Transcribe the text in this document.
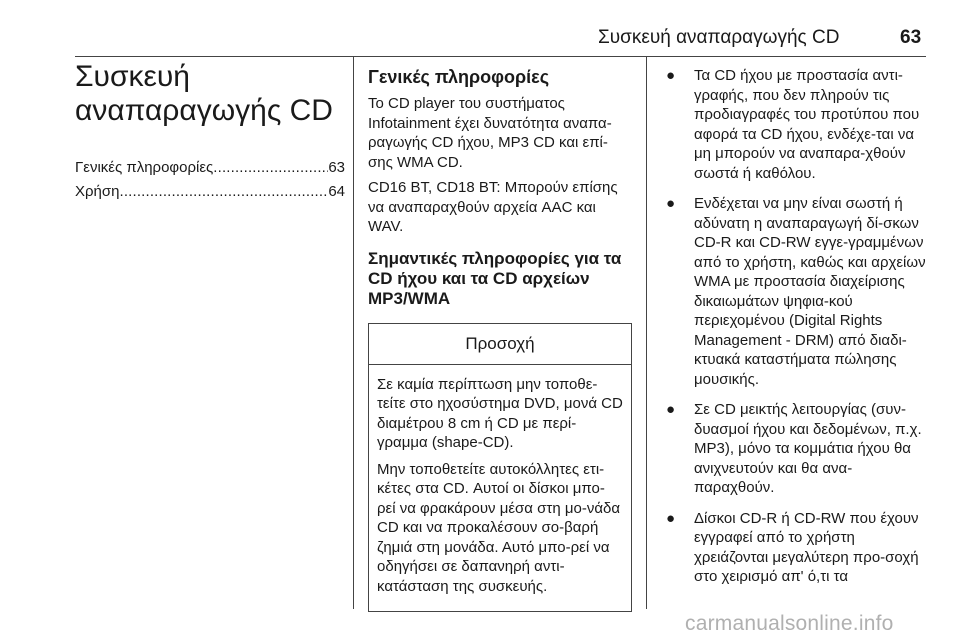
Συσκευή αναπαραγωγής CD	63
Συσκευή
αναπαραγωγής CD
Γενικές πληροφορίες . . .	63
Χρήση . . .	64
Γενικές πληροφορίες

Το CD player του συστήματος Infotainment έχει δυνατότητα αναπα-ραγωγής CD ήχου, MP3 CD και επί-σης WMA CD.

CD16 BT, CD18 BT: Μπορούν επίσης να αναπαραχθούν αρχεία AAC και WAV.

Σημαντικές πληροφορίες για τα CD ήχου και τα CD αρχείων MP3/WMA
Προσοχή

Σε καμία περίπτωση μην τοποθε-τείτε στο ηχοσύστημα DVD, μονά CD διαμέτρου 8 cm ή CD με περί-γραμμα (shape-CD).

Μην τοποθετείτε αυτοκόλλητες ετι-κέτες στα CD. Αυτοί οι δίσκοι μπο-ρεί να φρακάρουν μέσα στη μο-νάδα CD και να προκαλέσουν σο-βαρή ζημιά στη μονάδα. Αυτό μπο-ρεί να οδηγήσει σε δαπανηρή αντι-κατάσταση της συσκευής.

● Τα CD ήχου με προστασία αντι-γραφής, που δεν πληρούν τις προδιαγραφές του προτύπου που αφορά τα CD ήχου, ενδέχε-ται να μη μπορούν να αναπαρα-χθούν σωστά ή καθόλου.
● Ενδέχεται να μην είναι σωστή ή αδύνατη η αναπαραγωγή δί-σκων CD-R και CD-RW εγγε-γραμμένων από το χρήστη, καθώς και αρχείων WMA με προστασία διαχείρισης δικαιωμάτων ψηφια-κού περιεχομένου (Digital Rights Management - DRM) από διαδι-κτυακά καταστήματα πώλησης μουσικής.
● Σε CD μεικτής λειτουργίας (συν-δυασμοί ήχου και δεδομένων, π.χ. MP3), μόνο τα κομμάτια ήχου θα ανιχνευτούν και θα ανα-παραχθούν.
● Δίσκοι CD-R ή CD-RW που έχουν εγγραφεί από το χρήστη χρειάζονται μεγαλύτερη προ-σοχή στο χειρισμό απ' ό,τι τα
carmanualsonline.info
